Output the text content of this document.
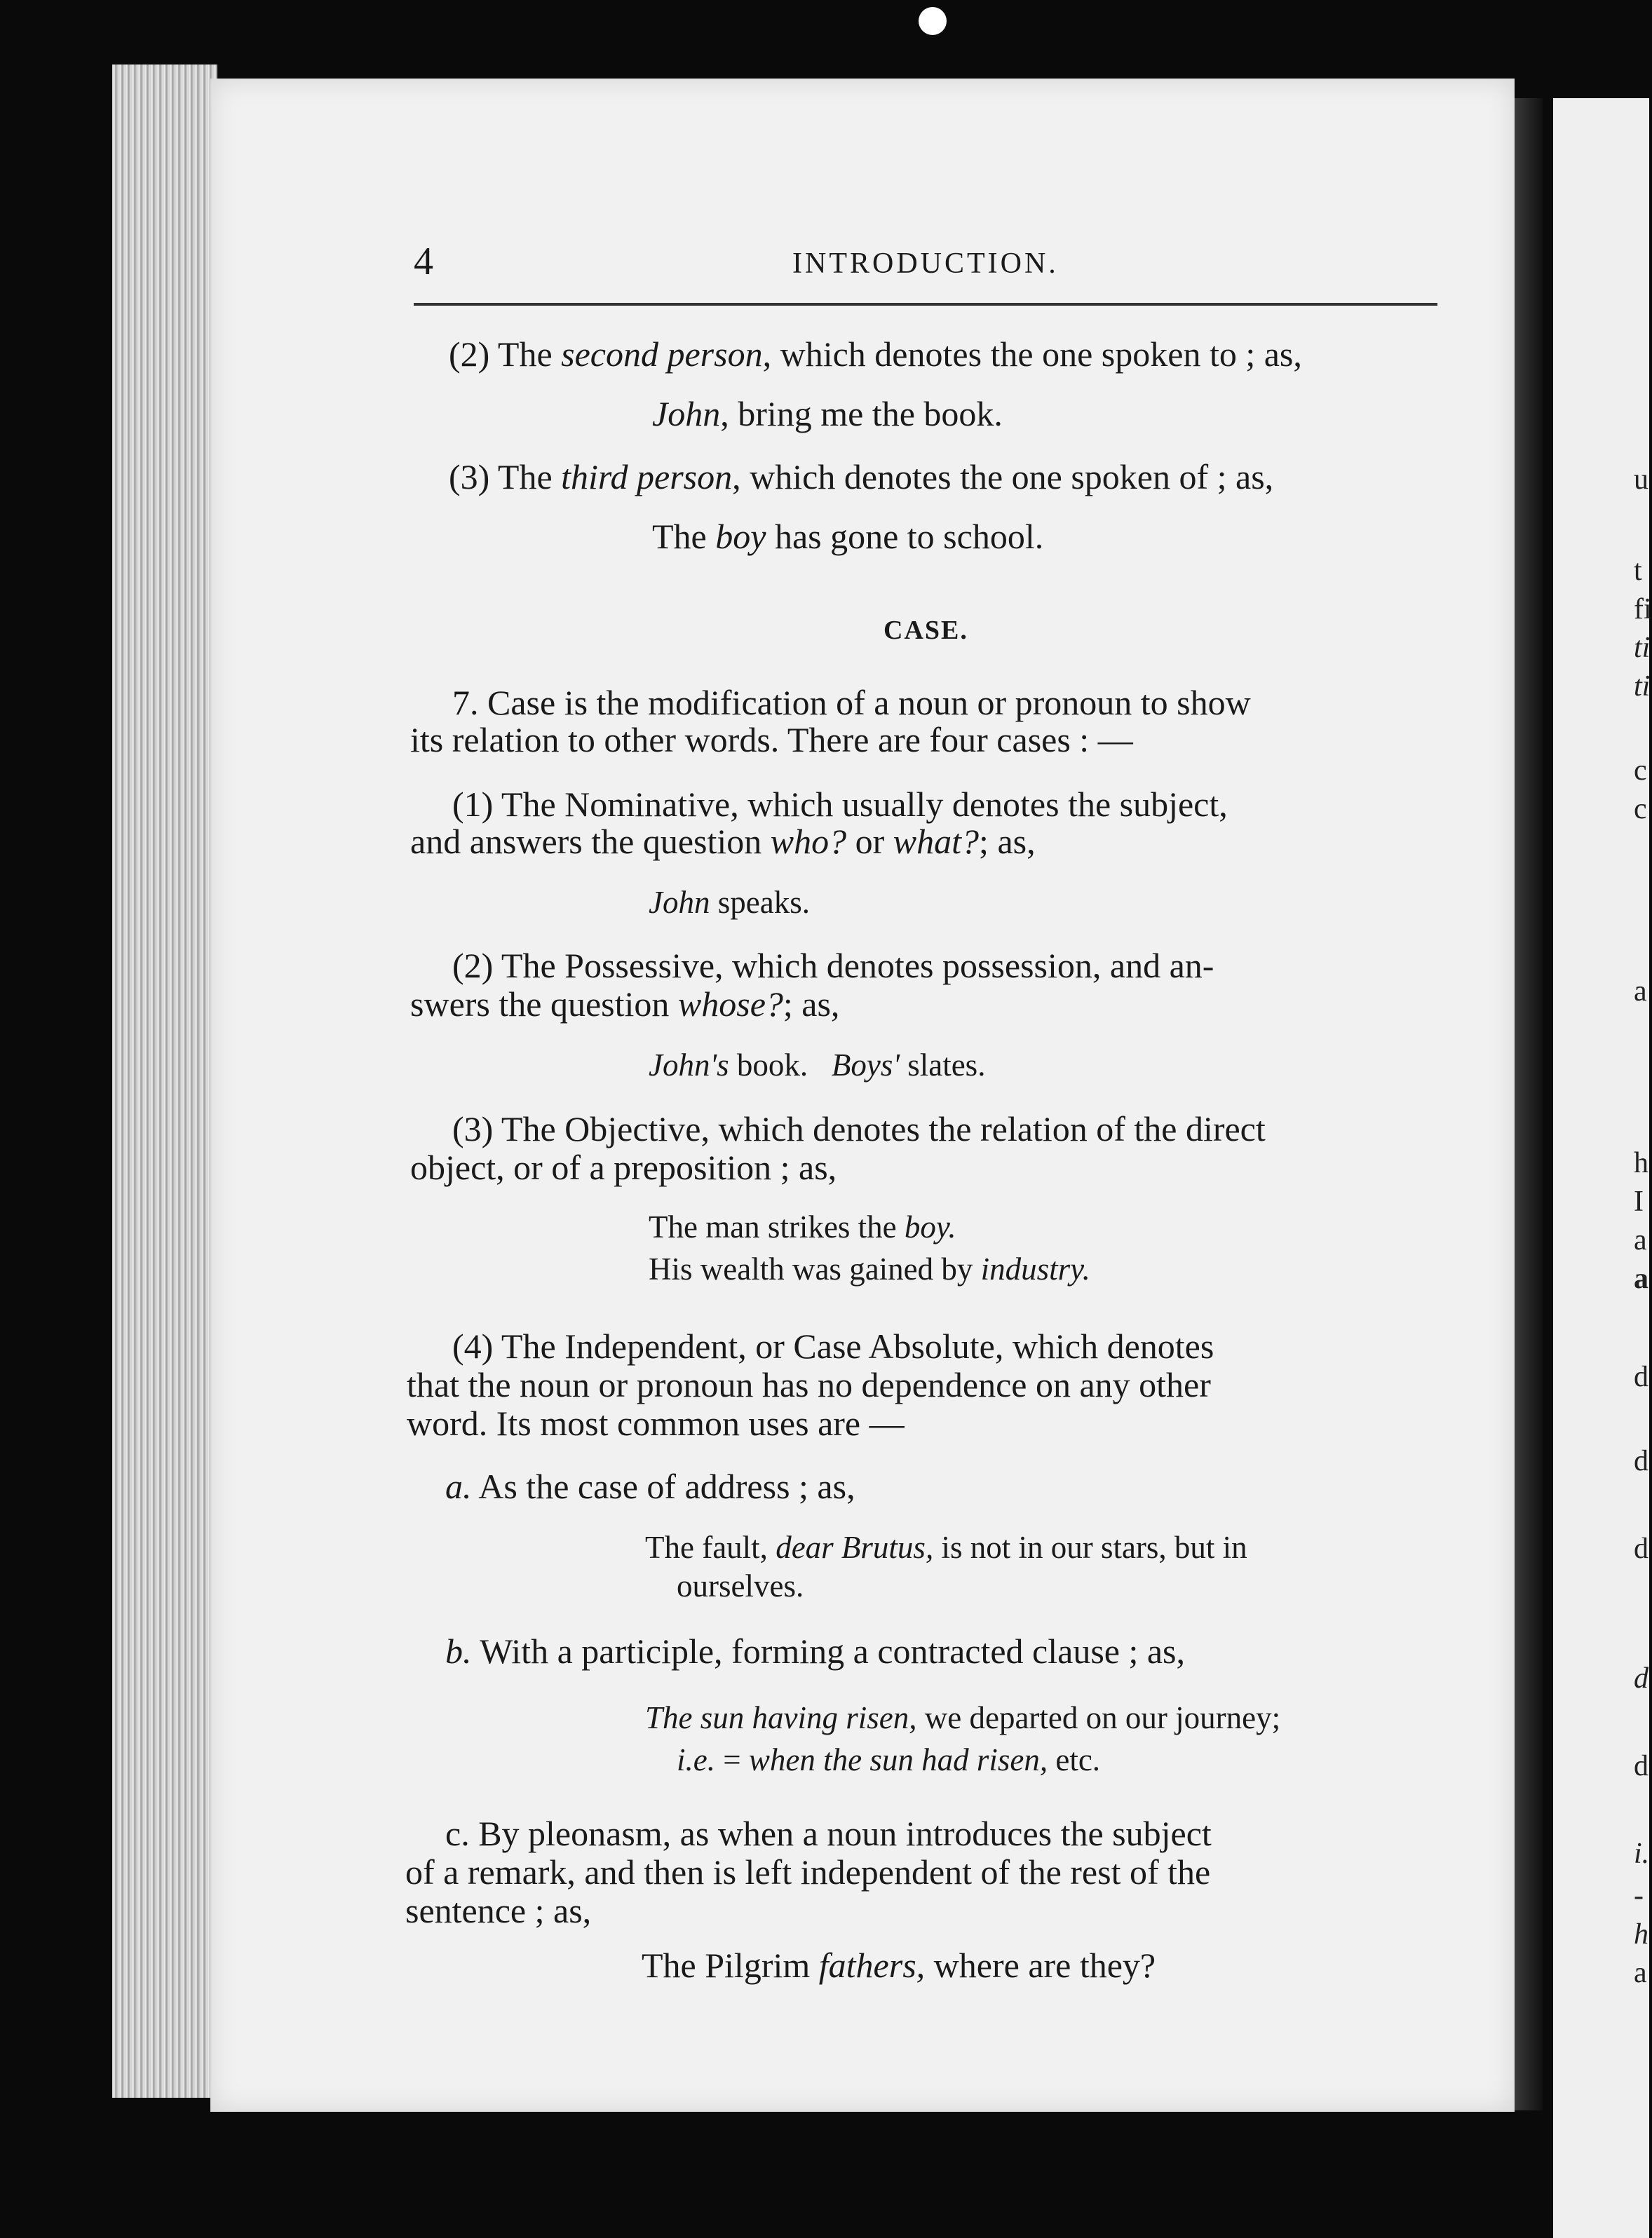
u
t
fi
ti
ti
c
c
a
h
I
a
a
d
d
d
d
d
i.
-
h
a
4	INTRODUCTION.
(2) The second person, which denotes the one spoken to ; as,
John, bring me the book.
(3) The third person, which denotes the one spoken of ; as,
The boy has gone to school.
CASE.
7. Case is the modification of a noun or pronoun to show
its relation to other words. There are four cases : —
(1) The Nominative, which usually denotes the subject,
and answers the question who? or what?; as,
John speaks.
(2) The Possessive, which denotes possession, and an-
swers the question whose?; as,
John's book.   Boys' slates.
(3) The Objective, which denotes the relation of the direct
object, or of a preposition ; as,
The man strikes the boy.
His wealth was gained by industry.
(4) The Independent, or Case Absolute, which denotes
that the noun or pronoun has no dependence on any other
word. Its most common uses are —
a. As the case of address ; as,
The fault, dear Brutus, is not in our stars, but in
ourselves.
b. With a participle, forming a contracted clause ; as,
The sun having risen, we departed on our journey;
i.e. = when the sun had risen, etc.
c. By pleonasm, as when a noun introduces the subject
of a remark, and then is left independent of the rest of the
sentence ; as,
The Pilgrim fathers, where are they?
